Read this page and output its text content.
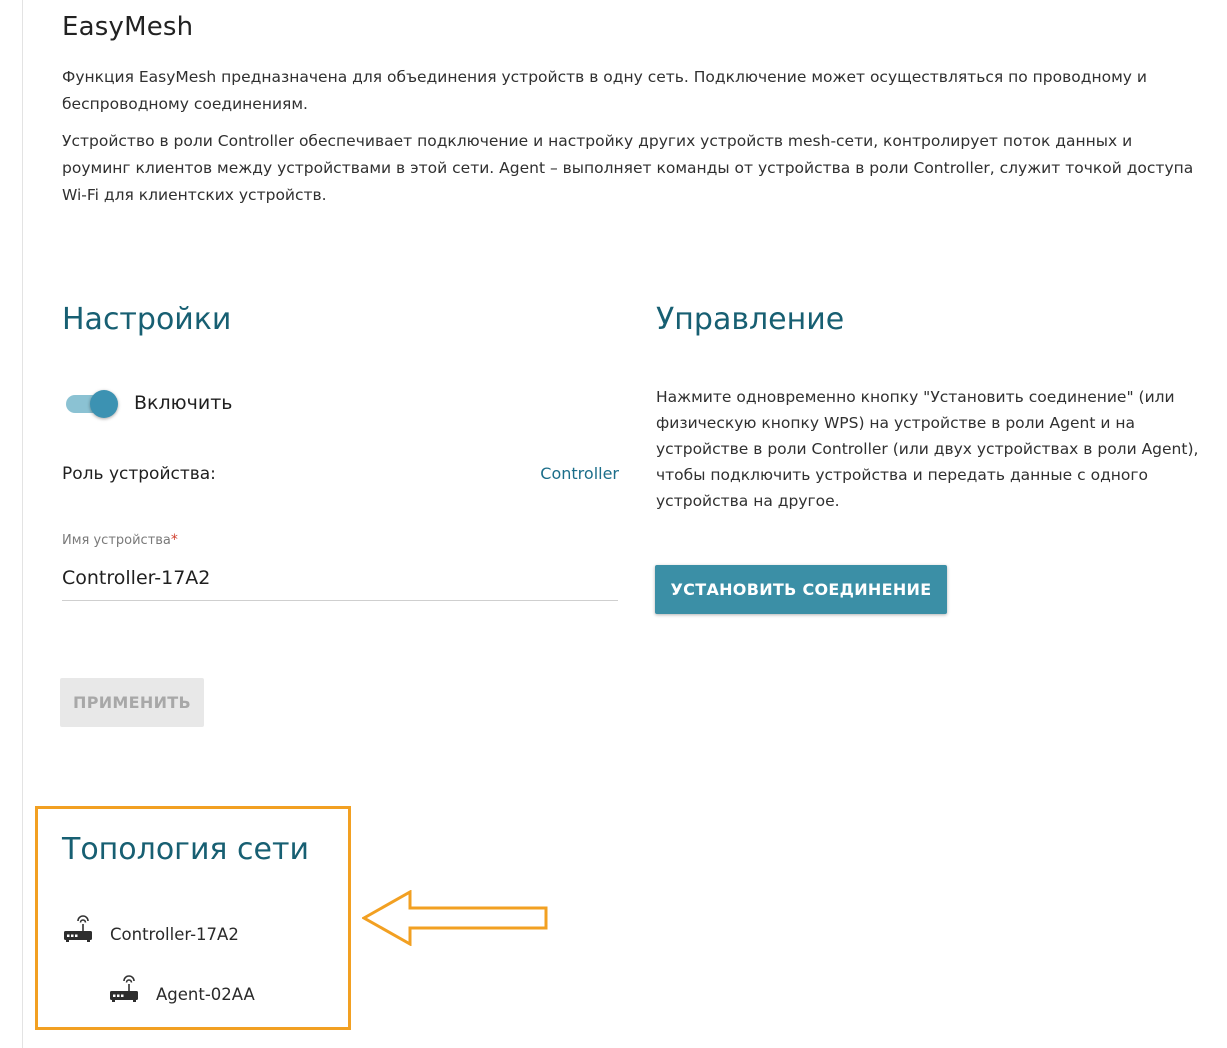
EasyMesh

Функция EasyMesh предназначена для объединения устройств в одну сеть. Подключение может осуществляться по проводному и беспроводному соединениям.

Устройство в роли Controller обеспечивает подключение и настройку других устройств mesh-сети, контролирует поток данных и роуминг клиентов между устройствами в этой сети. Agent – выполняет команды от устройства в роли Controller, служит точкой доступа Wi-Fi для клиентских устройств.

Настройки
Включить
Роль устройства:	Controller
Имя устройства*
Controller-17A2
ПРИМЕНИТЬ
Управление

Нажмите одновременно кнопку "Установить соединение" (или физическую кнопку WPS) на устройстве в роли Agent и на устройстве в роли Controller (или двух устройствах в роли Agent), чтобы подключить устройства и передать данные с одного устройства на другое.

УСТАНОВИТЬ СОЕДИНЕНИЕ
Топология сети
Controller-17A2
Agent-02AA
